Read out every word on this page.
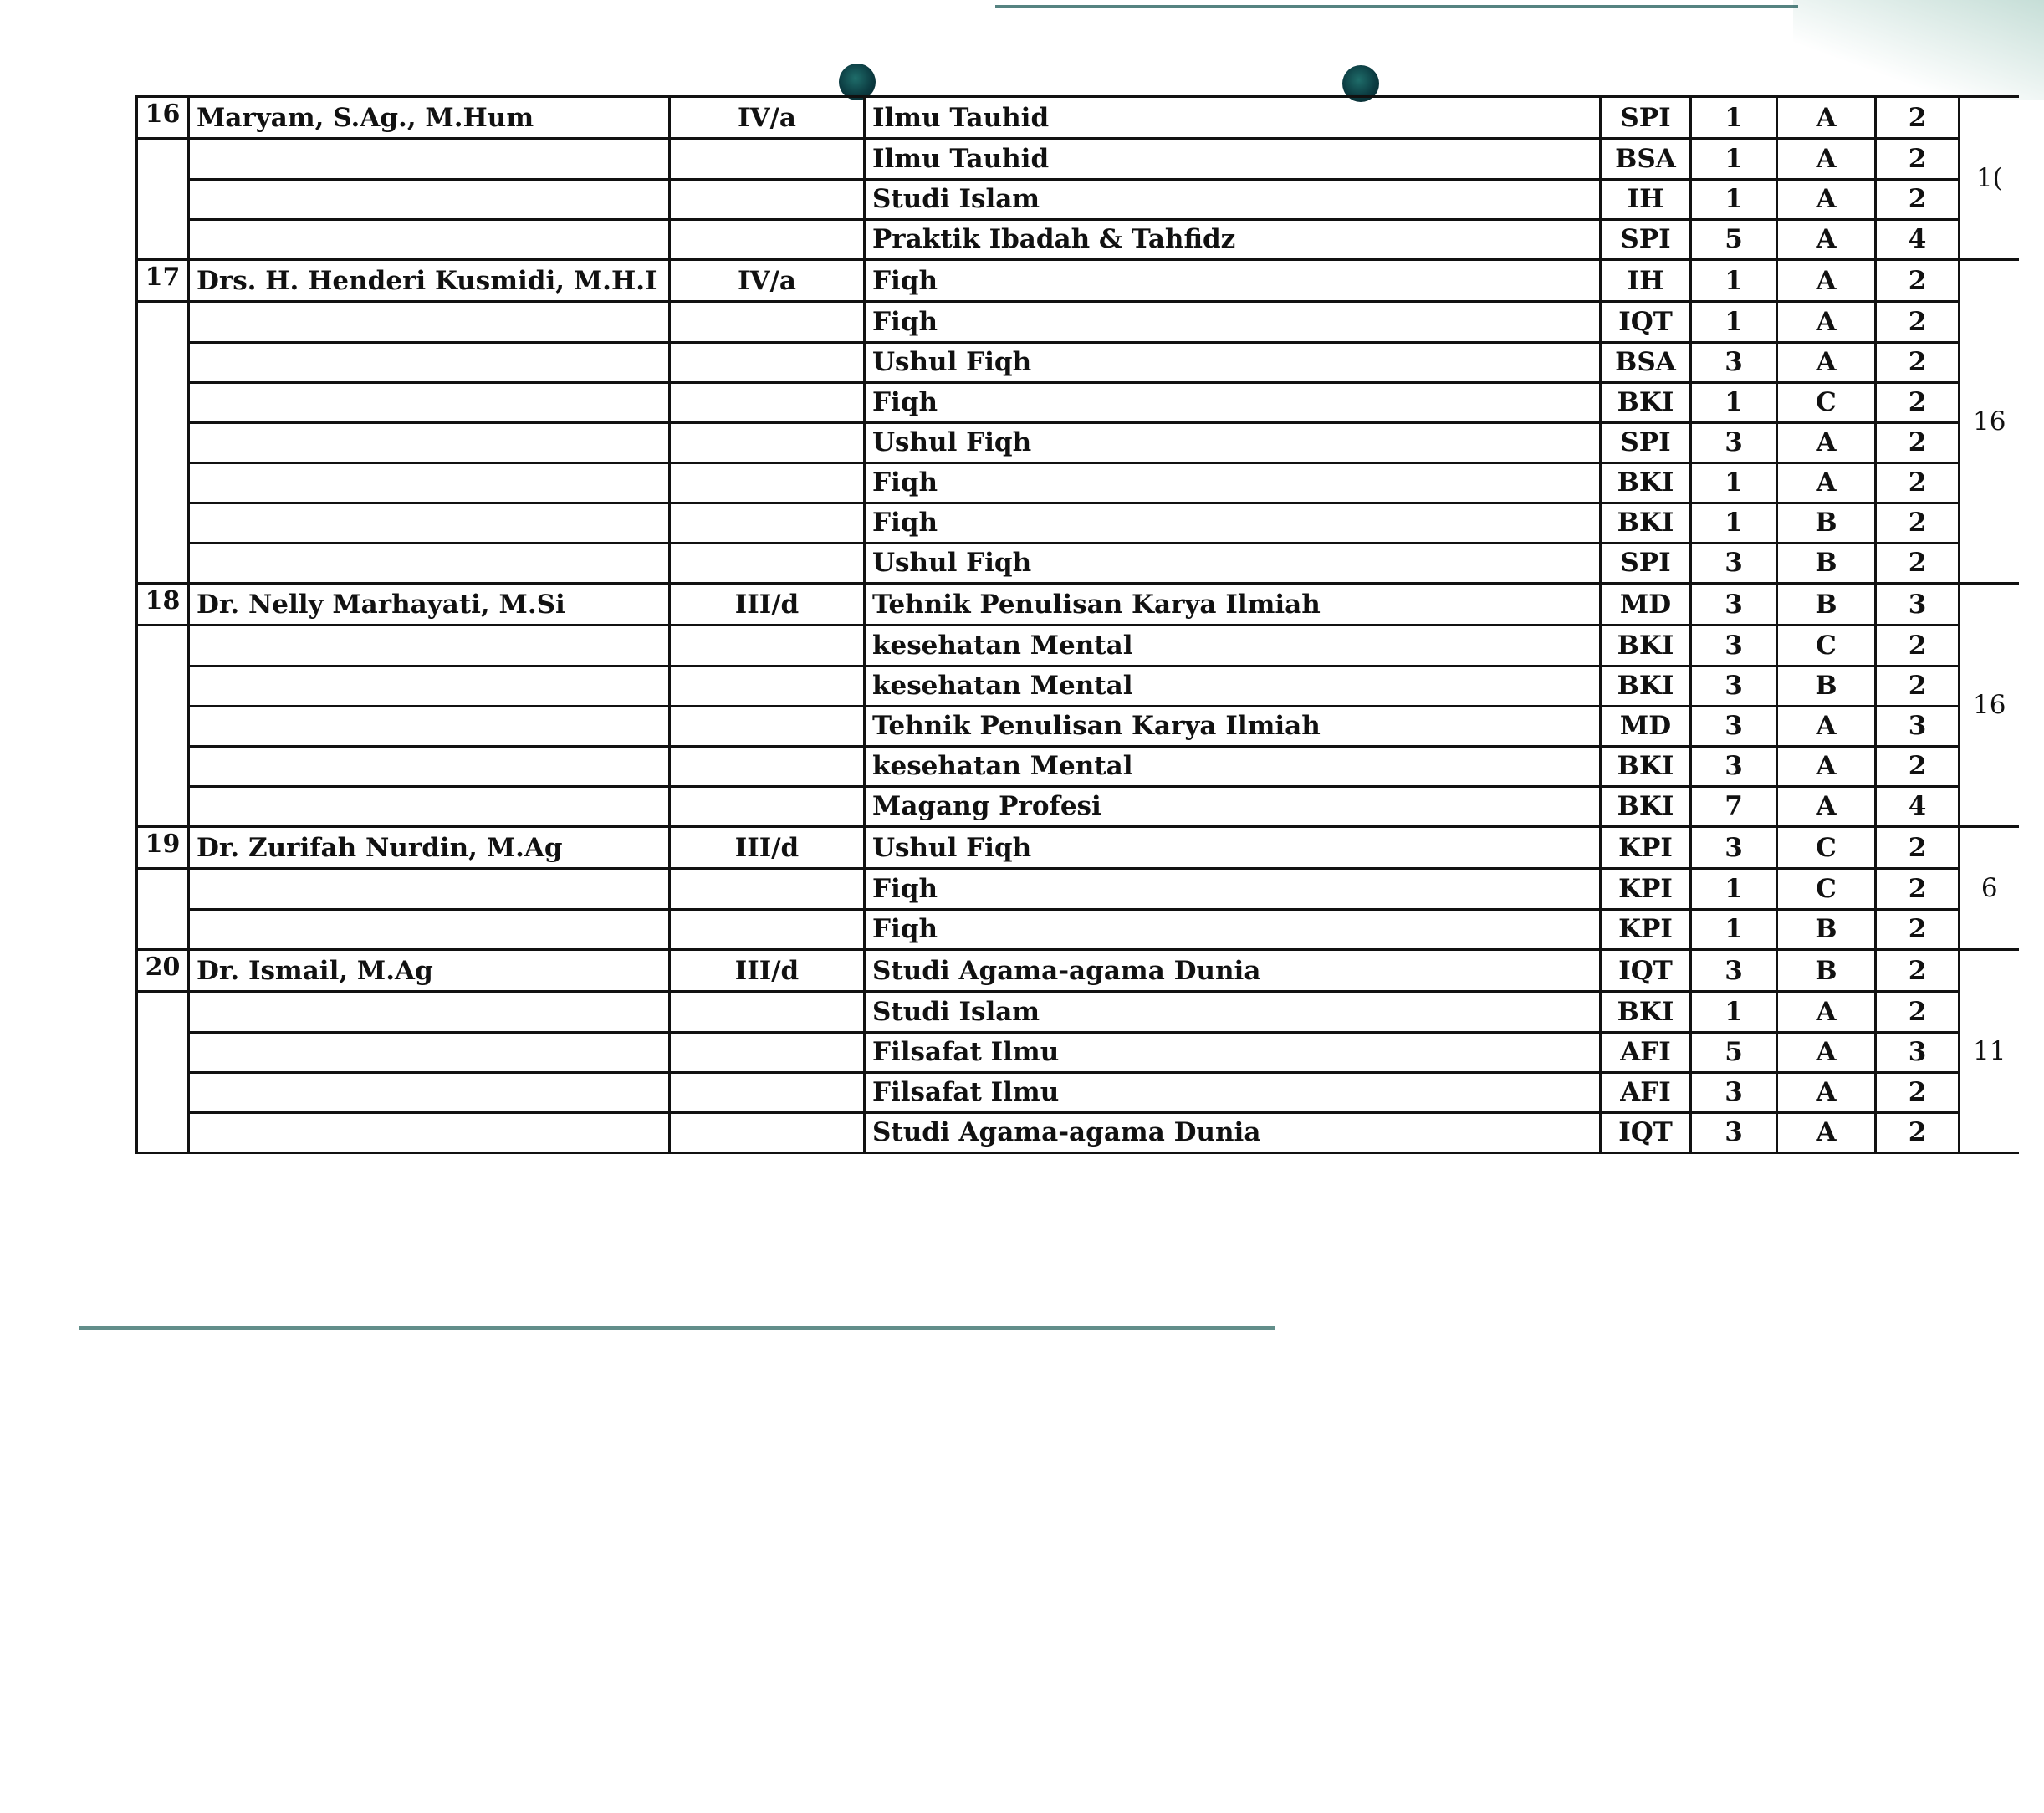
16	Maryam, S.Ag., M.Hum	IV/a	Ilmu Tauhid	SPI	1	A	2	1(
			Ilmu Tauhid	BSA	1	A	2	
			Studi Islam	IH	1	A	2	
			Praktik Ibadah & Tahfidz	SPI	5	A	4	
17	Drs. H. Henderi Kusmidi, M.H.I	IV/a	Fiqh	IH	1	A	2	16
			Fiqh	IQT	1	A	2	
			Ushul Fiqh	BSA	3	A	2	
			Fiqh	BKI	1	C	2	
			Ushul Fiqh	SPI	3	A	2	
			Fiqh	BKI	1	A	2	
			Fiqh	BKI	1	B	2	
			Ushul Fiqh	SPI	3	B	2	
18	Dr. Nelly Marhayati, M.Si	III/d	Tehnik Penulisan Karya Ilmiah	MD	3	B	3	16
			kesehatan Mental	BKI	3	C	2	
			kesehatan Mental	BKI	3	B	2	
			Tehnik Penulisan Karya Ilmiah	MD	3	A	3	
			kesehatan Mental	BKI	3	A	2	
			Magang Profesi	BKI	7	A	4	
19	Dr. Zurifah Nurdin, M.Ag	III/d	Ushul Fiqh	KPI	3	C	2	6
			Fiqh	KPI	1	C	2	
			Fiqh	KPI	1	B	2	
20	Dr. Ismail, M.Ag	III/d	Studi Agama-agama Dunia	IQT	3	B	2	11
			Studi Islam	BKI	1	A	2	
			Filsafat Ilmu	AFI	5	A	3	
			Filsafat Ilmu	AFI	3	A	2	
			Studi Agama-agama Dunia	IQT	3	A	2	
